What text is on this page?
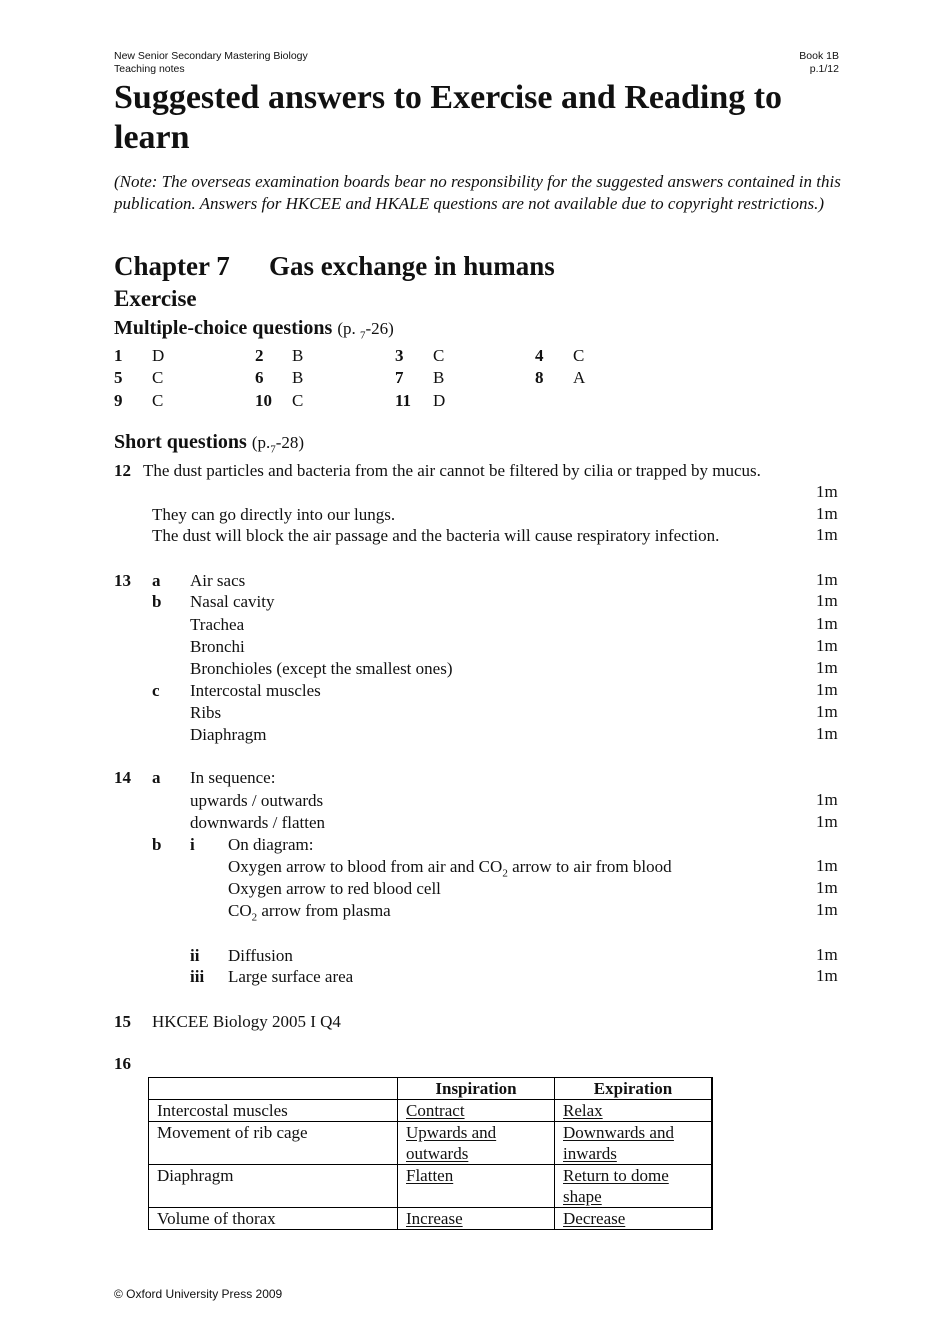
New Senior Secondary Mastering Biology
Teaching notes
Book 1B
p.1/12
Suggested answers to Exercise and Reading to
learn
(Note: The overseas examination boards bear no responsibility for the suggested answers contained in this publication. Answers for HKCEE and HKALE questions are not available due to copyright restrictions.)
Chapter 7 Gas exchange in humans
Exercise
Multiple-choice questions (p. $_7$-26)
1 D	2 B	3 C	4 C
5 C	6 B	7 B	8 A
9 C	10 C	11 D
Short questions $(p._7-28)$
12 The dust particles and bacteria from the air cannot be filtered by cilia or trapped by mucus.
1m
They can go directly into our lungs.	1m
The dust will block the air passage and the bacteria will cause respiratory infection.	1m
13 a Air sacs	1m
b Nasal cavity	1m
Trachea	1m
Bronchi	1m
Bronchioles (except the smallest ones)	1m
c Intercostal muscles	1m
Ribs	1m
Diaphragm	1m
14 a In sequence:
upwards / outwards	1m
downwards / flatten	1m
b i On diagram:
Oxygen arrow to blood from air and $CO_2$ arrow to air from blood	1m
Oxygen arrow to red blood cell	1m
$CO_2$ arrow from plasma	1m
ii Diffusion	1m
iii Large surface area	1m
15 HKCEE Biology 2005 I Q4
16
	Inspiration	Expiration
Intercostal muscles	Contract	Relax
Movement of rib cage	Upwards and outwards	Downwards and inwards
Diaphragm	Flatten	Return to dome shape
Volume of thorax	Increase	Decrease
© Oxford University Press 2009
